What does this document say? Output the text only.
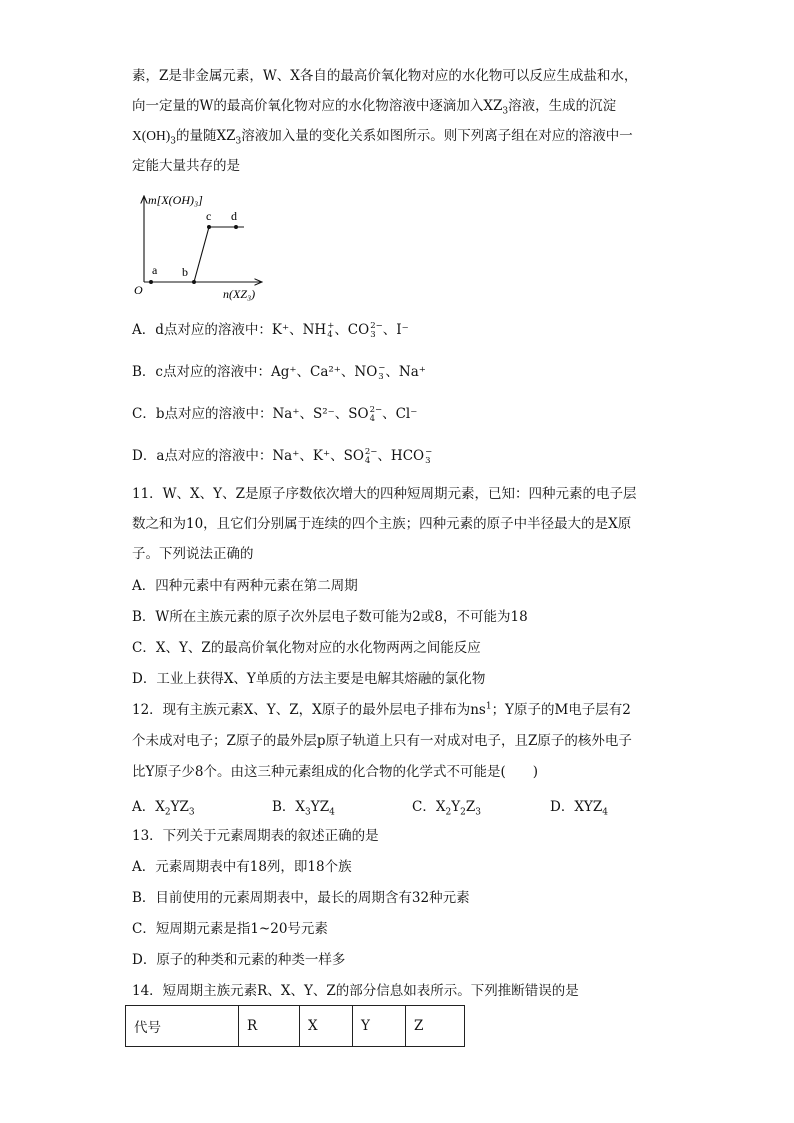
素，Z是非金属元素，W、X各自的最高价氧化物对应的水化物可以反应生成盐和水，
向一定量的W的最高价氧化物对应的水化物溶液中逐滴加入$XZ_3$溶液，生成的沉淀
$X(OH)_3$的量随$XZ_3$溶液加入量的变化关系如图所示。则下列离子组在对应的溶液中一
定能大量共存的是
m[X(OH)₃]
n(XZ₃)
O
a b
c d
A．d点对应的溶液中：K⁺、NH +
4 、CO 2−
3 、I⁻
B．c点对应的溶液中：Ag⁺、Ca²⁺、NO −
3 、Na⁺
C．b点对应的溶液中：Na⁺、S²⁻、SO 2−
4 、Cl⁻
D．a点对应的溶液中：Na⁺、K⁺、SO 2−
4 、HCO −
3
11．W、X、Y、Z是原子序数依次增大的四种短周期元素，已知：四种元素的电子层
数之和为10，且它们分别属于连续的四个主族；四种元素的原子中半径最大的是X原
子。下列说法正确的
A．四种元素中有两种元素在第二周期
B．W所在主族元素的原子次外层电子数可能为2或8，不可能为18
C．X、Y、Z的最高价氧化物对应的水化物两两之间能反应
D．工业上获得X、Y单质的方法主要是电解其熔融的氯化物
12．现有主族元素X、Y、Z，X原子的最外层电子排布为$ns^1$；Y原子的M电子层有2
个未成对电子；Z原子的最外层p原子轨道上只有一对成对电子，且Z原子的核外电子
比Y原子少8个。由这三种元素组成的化合物的化学式不可能是(　　)
A．$X_2YZ_3$	B．$X_3YZ_4$	C．$X_2Y_2Z_3$	D．$XYZ_4$
13．下列关于元素周期表的叙述正确的是
A．元素周期表中有18列，即18个族
B．目前使用的元素周期表中，最长的周期含有32种元素
C．短周期元素是指1~20号元素
D．原子的种类和元素的种类一样多
14．短周期主族元素R、X、Y、Z的部分信息如表所示。下列推断错误的是
代号	R	X	Y	Z
